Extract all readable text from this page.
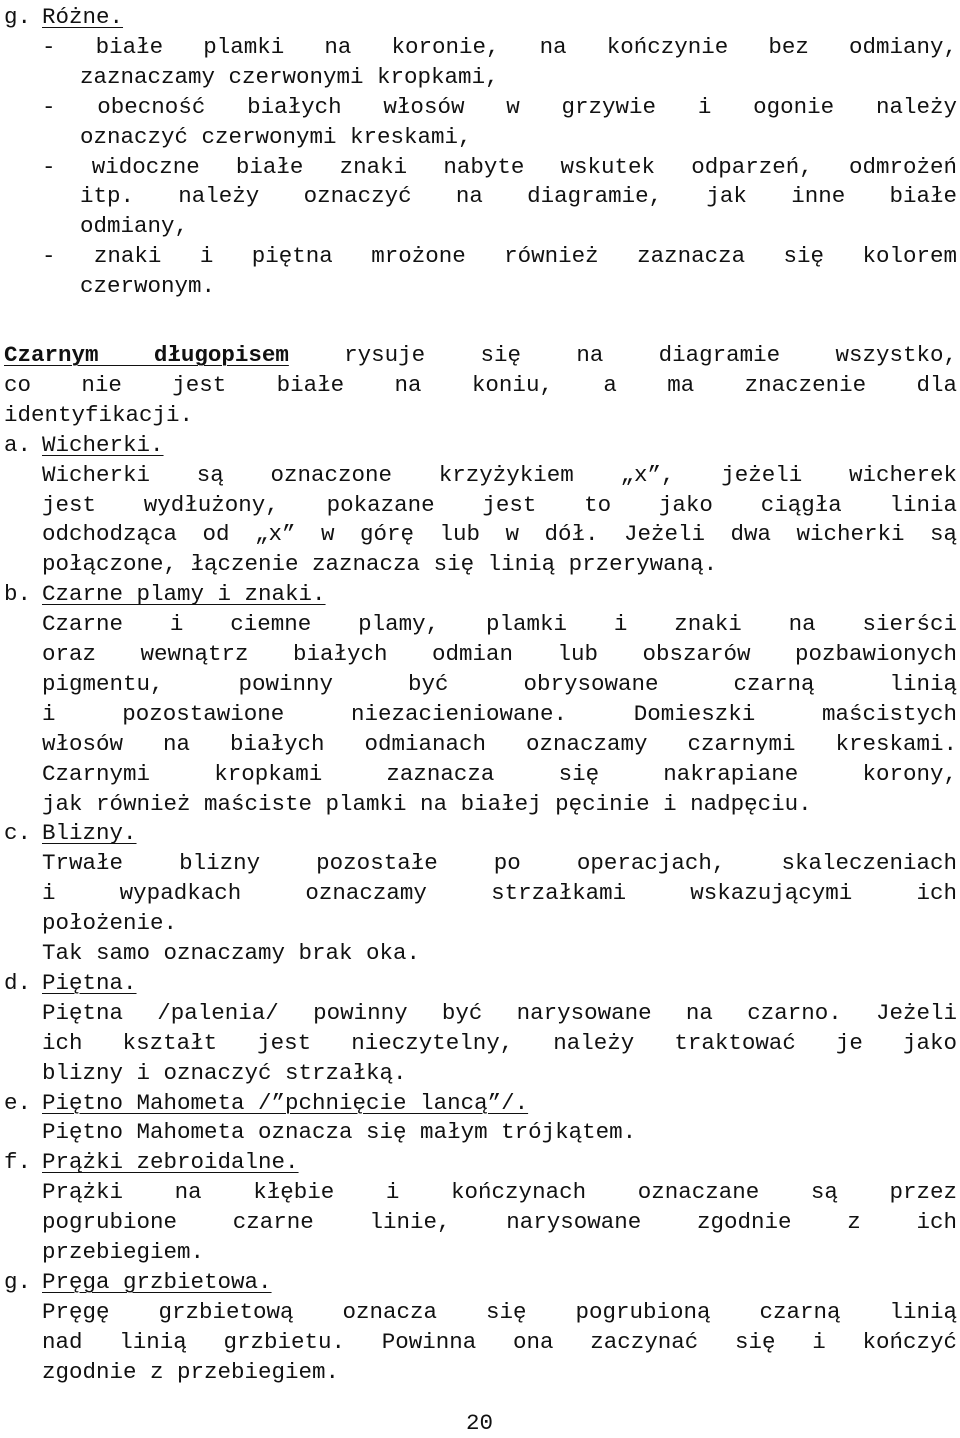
g. Różne.
- białe plamki na koronie, na kończynie bez odmiany,
zaznaczamy czerwonymi kropkami,
- obecność białych włosów w grzywie i ogonie należy
oznaczyć czerwonymi kreskami,
- widoczne białe znaki nabyte wskutek odparzeń, odmrożeń
itp. należy oznaczyć na diagramie, jak inne białe
odmiany,
- znaki i piętna mrożone również zaznacza się kolorem
czerwonym.
Czarnym długopisem rysuje się na diagramie wszystko,
co nie jest białe na koniu, a ma znaczenie dla
identyfikacji.
a. Wicherki.
Wicherki są oznaczone krzyżykiem „x”, jeżeli wicherek
jest wydłużony, pokazane jest to jako ciągła linia
odchodząca od „x” w górę lub w dół. Jeżeli dwa wicherki są
połączone, łączenie zaznacza się linią przerywaną.
b. Czarne plamy i znaki.
Czarne i ciemne plamy, plamki i znaki na sierści
oraz wewnątrz białych odmian lub obszarów pozbawionych
pigmentu, powinny być obrysowane czarną linią
i pozostawione niezacieniowane. Domieszki maścistych
włosów na białych odmianach oznaczamy czarnymi kreskami.
Czarnymi kropkami zaznacza się nakrapiane korony,
jak również maściste plamki na białej pęcinie i nadpęciu.
c. Blizny.
Trwałe blizny pozostałe po operacjach, skaleczeniach
i wypadkach oznaczamy strzałkami wskazującymi ich
położenie.
Tak samo oznaczamy brak oka.
d. Piętna.
Piętna /palenia/ powinny być narysowane na czarno. Jeżeli
ich kształt jest nieczytelny, należy traktować je jako
blizny i oznaczyć strzałką.
e. Piętno Mahometa /”pchnięcie lancą”/.
Piętno Mahometa oznacza się małym trójkątem.
f. Prążki zebroidalne.
Prążki na kłębie i kończynach oznaczane są przez
pogrubione czarne linie, narysowane zgodnie z ich
przebiegiem.
g. Pręga grzbietowa.
Pręgę grzbietową oznacza się pogrubioną czarną linią
nad linią grzbietu. Powinna ona zaczynać się i kończyć
zgodnie z przebiegiem.
20
